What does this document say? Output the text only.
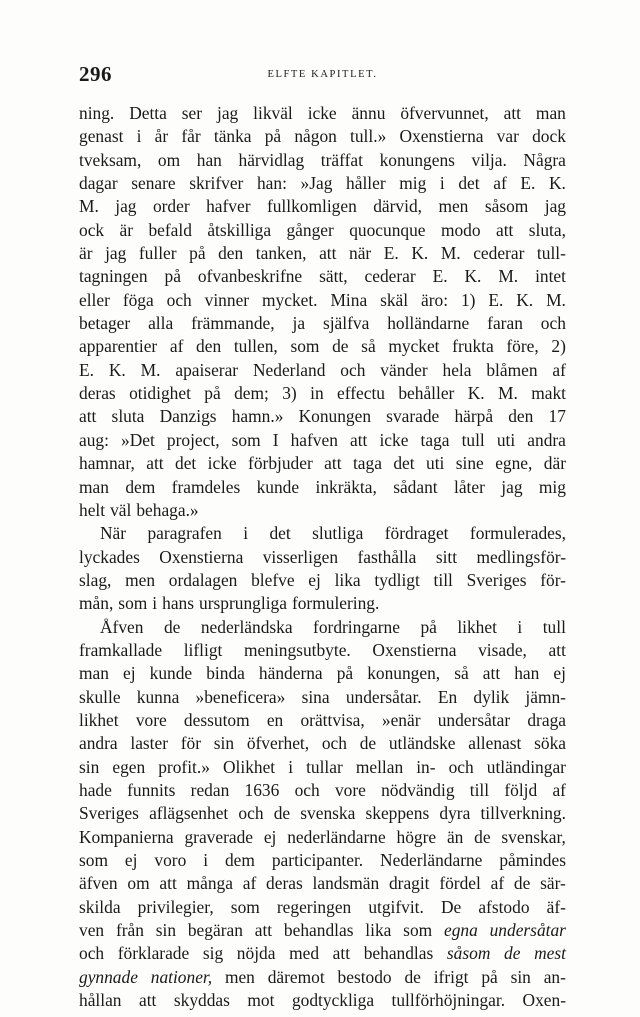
296	ELFTE KAPITLET.
ning. Detta ser jag likväl icke ännu öfvervunnet, att man
genast i år får tänka på någon tull.» Oxenstierna var dock
tveksam, om han härvidlag träffat konungens vilja. Några
dagar senare skrifver han: »Jag håller mig i det af E. K.
M. jag order hafver fullkomligen därvid, men såsom jag
ock är befald åtskilliga gånger quocunque modo att sluta,
är jag fuller på den tanken, att när E. K. M. cederar tull-
tagningen på ofvanbeskrifne sätt, cederar E. K. M. intet
eller föga och vinner mycket. Mina skäl äro: 1) E. K. M.
betager alla främmande, ja själfva holländarne faran och
apparentier af den tullen, som de så mycket frukta före, 2)
E. K. M. apaiserar Nederland och vänder hela blåmen af
deras otidighet på dem; 3) in effectu behåller K. M. makt
att sluta Danzigs hamn.» Konungen svarade härpå den 17
aug: »Det project, som I hafven att icke taga tull uti andra
hamnar, att det icke förbjuder att taga det uti sine egne, där
man dem framdeles kunde inkräkta, sådant låter jag mig
helt väl behaga.»
När paragrafen i det slutliga fördraget formulerades,
lyckades Oxenstierna visserligen fasthålla sitt medlingsför-
slag, men ordalagen blefve ej lika tydligt till Sveriges för-
mån, som i hans ursprungliga formulering.
Åfven de nederländska fordringarne på likhet i tull
framkallade lifligt meningsutbyte. Oxenstierna visade, att
man ej kunde binda händerna på konungen, så att han ej
skulle kunna »beneficera» sina undersåtar. En dylik jämn-
likhet vore dessutom en orättvisa, »enär undersåtar draga
andra laster för sin öfverhet, och de utländske allenast söka
sin egen profit.» Olikhet i tullar mellan in- och utländingar
hade funnits redan 1636 och vore nödvändig till följd af
Sveriges aflägsenhet och de svenska skeppens dyra tillverkning.
Kompanierna graverade ej nederländarne högre än de svenskar,
som ej voro i dem participanter. Nederländarne påmindes
äfven om att många af deras landsmän dragit fördel af de sär-
skilda privilegier, som regeringen utgifvit. De afstodo äf-
ven från sin begäran att behandlas lika som egna undersåtar
och förklarade sig nöjda med att behandlas såsom de mest
gynnade nationer, men däremot bestodo de ifrigt på sin an-
hållan att skyddas mot godtyckliga tullförhöjningar. Oxen-
